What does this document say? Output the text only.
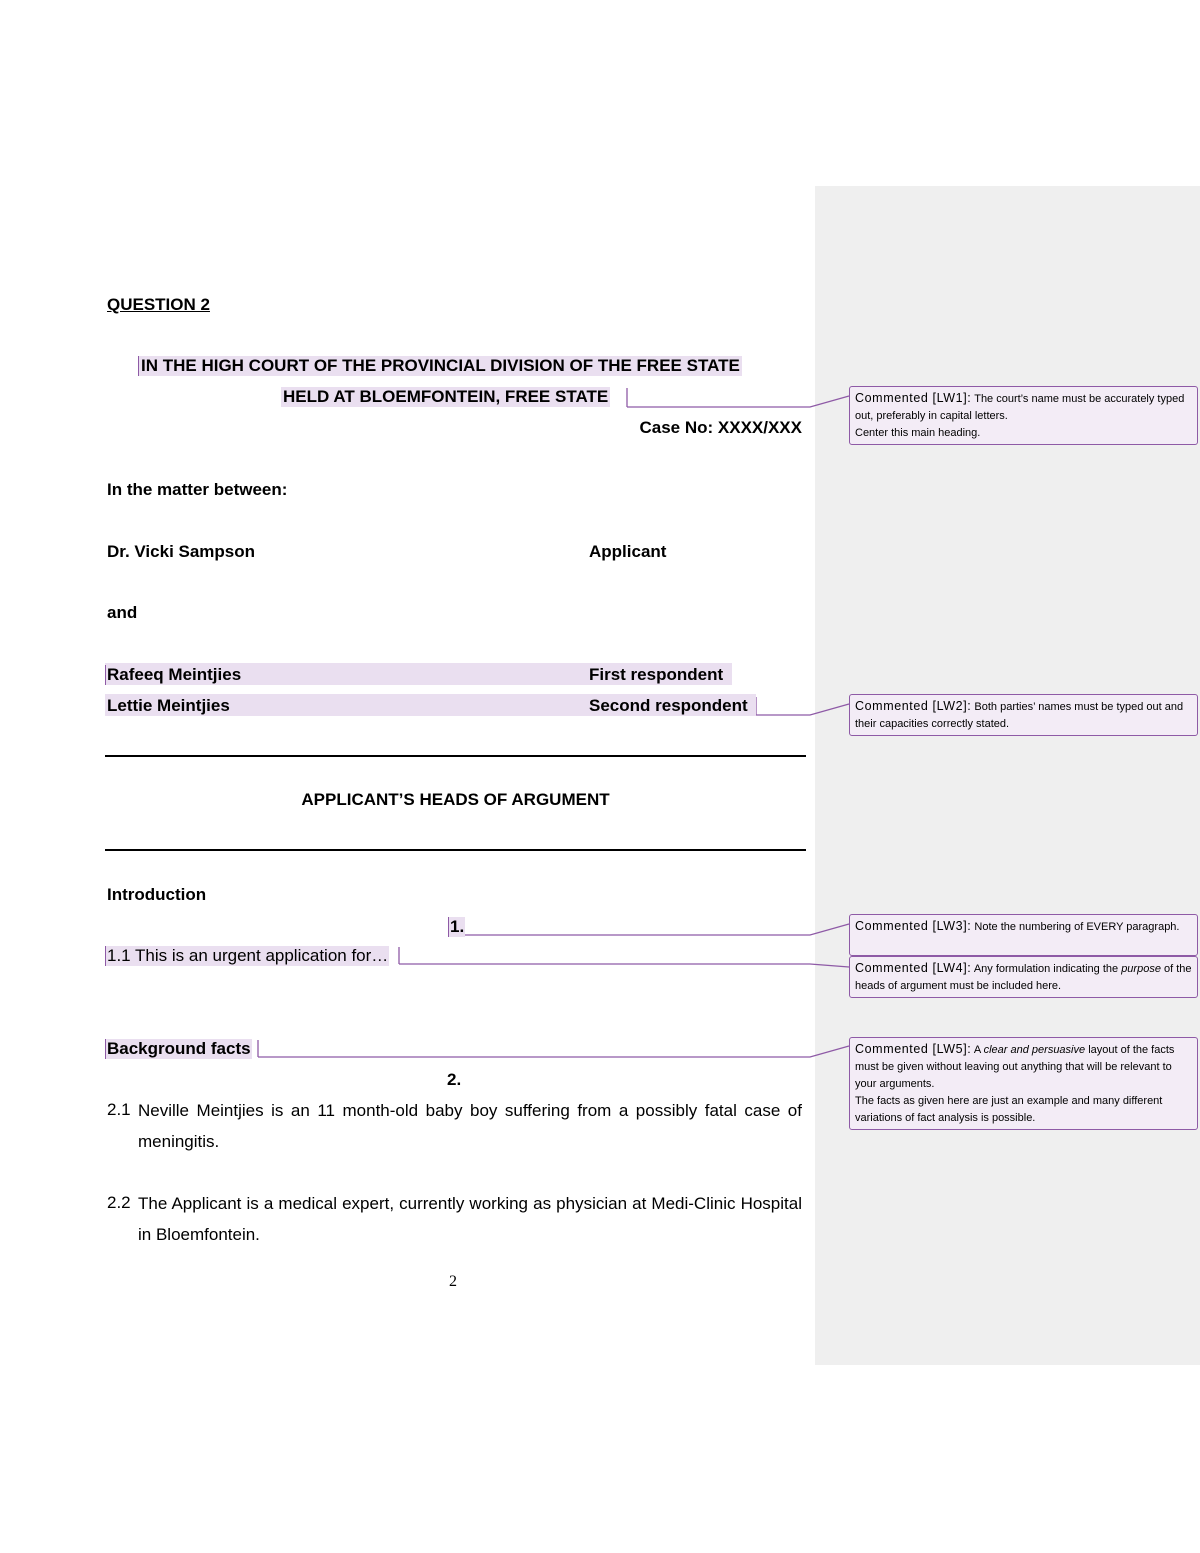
QUESTION 2
IN THE HIGH COURT OF THE PROVINCIAL DIVISION OF THE FREE STATE
HELD AT BLOEMFONTEIN, FREE STATE
Case No: XXXX/XXX
In the matter between:
Dr. Vicki Sampson	Applicant
and
Rafeeq Meintjies	First respondent
Lettie Meintjies	Second respondent
APPLICANT’S HEADS OF ARGUMENT
Introduction
1.
1.1 This is an urgent application for…
Background facts
2.
2.1 Neville Meintjies is an 11 month-old baby boy suffering from a possibly fatal case of meningitis.
2.2 The Applicant is a medical expert, currently working as physician at Medi-Clinic Hospital in Bloemfontein.
2
Commented [LW1]: The court’s name must be accurately typed out, preferably in capital letters.
Center this main heading.
Commented [LW2]: Both parties’ names must be typed out and their capacities correctly stated.
Commented [LW3]: Note the numbering of EVERY paragraph.
Commented [LW4]: Any formulation indicating the purpose of the heads of argument must be included here.
Commented [LW5]: A clear and persuasive layout of the facts must be given without leaving out anything that will be relevant to your arguments.
The facts as given here are just an example and many different variations of fact analysis is possible.
